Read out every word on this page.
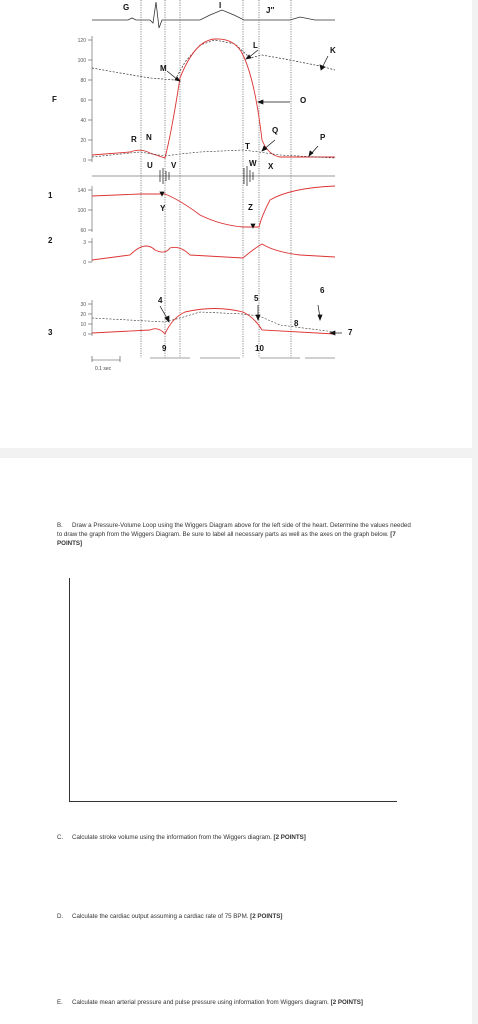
120
100
80
60
40
20
0
140
100
60
3
0
30
20
10
0
0.1 sec
G	I
J″
F
1
2
3
M
L
K
O
Q
P
R N
T
U V	W X
Y	Z
4	5
6
7
8
9	10
B. Draw a Pressure-Volume Loop using the Wiggers Diagram above for the left side of the heart. Determine the values needed to draw the graph from the Wiggers Diagram. Be sure to label all necessary parts as well as the axes on the graph below. [7 POINTS]
C. Calculate stroke volume using the information from the Wiggers diagram. [2 POINTS]
D. Calculate the cardiac output assuming a cardiac rate of 75 BPM. [2 POINTS]
E. Calculate mean arterial pressure and pulse pressure using information from Wiggers diagram. [2 POINTS]
